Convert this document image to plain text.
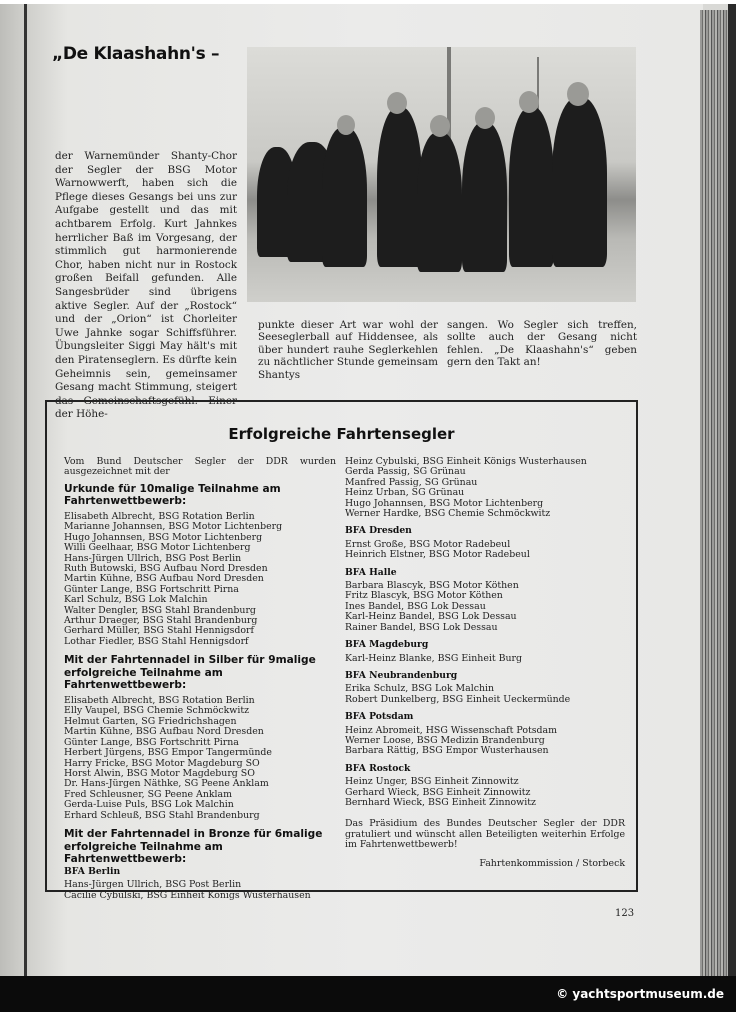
„De Klaashahn's –
der Warnemünder Shanty-Chor der Segler der BSG Motor Warnowwerft, haben sich die Pflege dieses Gesangs bei uns zur Aufgabe gestellt und das mit achtbarem Erfolg. Kurt Jahnkes herrlicher Baß im Vorgesang, der stimmlich gut harmonierende Chor, haben nicht nur in Rostock großen Beifall gefunden. Alle Sangesbrüder sind übrigens aktive Segler. Auf der „Rostock“ und der „Orion“ ist Chorleiter Uwe Jahnke sogar Schiffsführer. Übungsleiter Siggi May hält's mit den Piratenseglern. Es dürfte kein Geheimnis sein, gemeinsamer Gesang macht Stimmung, steigert das Gemeinschaftsgefühl. Einer der Höhe-
punkte dieser Art war wohl der Seeseglerball auf Hiddensee, als über hundert rauhe Seglerkehlen zu nächtlicher Stunde gemeinsam Shantys
sangen. Wo Segler sich treffen, sollte auch der Gesang nicht fehlen. „De Klaashahn's“ geben gern den Takt an!
Erfolgreiche Fahrtensegler

Vom Bund Deutscher Segler der DDR wurden ausgezeichnet mit der

Urkunde für 10malige Teilnahme am Fahrtenwettbewerb:
Elisabeth Albrecht, BSG Rotation Berlin
Marianne Johannsen, BSG Motor Lichtenberg
Hugo Johannsen, BSG Motor Lichtenberg
Willi Geelhaar, BSG Motor Lichtenberg
Hans-Jürgen Ullrich, BSG Post Berlin
Ruth Butowski, BSG Aufbau Nord Dresden
Martin Kühne, BSG Aufbau Nord Dresden
Günter Lange, BSG Fortschritt Pirna
Karl Schulz, BSG Lok Malchin
Walter Dengler, BSG Stahl Brandenburg
Arthur Draeger, BSG Stahl Brandenburg
Gerhard Müller, BSG Stahl Hennigsdorf
Lothar Fiedler, BSG Stahl Hennigsdorf
Mit der Fahrtennadel in Silber für 9malige erfolgreiche Teilnahme am Fahrtenwettbewerb:
Elisabeth Albrecht, BSG Rotation Berlin
Elly Vaupel, BSG Chemie Schmöckwitz
Helmut Garten, SG Friedrichshagen
Martin Kühne, BSG Aufbau Nord Dresden
Günter Lange, BSG Fortschritt Pirna
Herbert Jürgens, BSG Empor Tangermünde
Harry Fricke, BSG Motor Magdeburg SO
Horst Alwin, BSG Motor Magdeburg SO
Dr. Hans-Jürgen Näthke, SG Peene Anklam
Fred Schleusner, SG Peene Anklam
Gerda-Luise Puls, BSG Lok Malchin
Erhard Schleuß, BSG Stahl Brandenburg
Mit der Fahrtennadel in Bronze für 6malige erfolgreiche Teilnahme am Fahrtenwettbewerb:
BFA Berlin
Hans-Jürgen Ullrich, BSG Post Berlin
Cäcilie Cybulski, BSG Einheit Königs Wusterhausen
Heinz Cybulski, BSG Einheit Königs Wusterhausen
Gerda Passig, SG Grünau
Manfred Passig, SG Grünau
Heinz Urban, SG Grünau
Hugo Johannsen, BSG Motor Lichtenberg
Werner Hardke, BSG Chemie Schmöckwitz
BFA Dresden
Ernst Große, BSG Motor Radebeul
Heinrich Elstner, BSG Motor Radebeul
BFA Halle
Barbara Blascyk, BSG Motor Köthen
Fritz Blascyk, BSG Motor Köthen
Ines Bandel, BSG Lok Dessau
Karl-Heinz Bandel, BSG Lok Dessau
Rainer Bandel, BSG Lok Dessau
BFA Magdeburg
Karl-Heinz Blanke, BSG Einheit Burg
BFA Neubrandenburg
Erika Schulz, BSG Lok Malchin
Robert Dunkelberg, BSG Einheit Ueckermünde
BFA Potsdam
Heinz Abromeit, HSG Wissenschaft Potsdam
Werner Loose, BSG Medizin Brandenburg
Barbara Rättig, BSG Empor Wusterhausen
BFA Rostock
Heinz Unger, BSG Einheit Zinnowitz
Gerhard Wieck, BSG Einheit Zinnowitz
Bernhard Wieck, BSG Einheit Zinnowitz
Das Präsidium des Bundes Deutscher Segler der DDR gratuliert und wünscht allen Beteiligten weiterhin Erfolge im Fahrtenwettbewerb!
Fahrtenkommission / Storbeck
123
© yachtsportmuseum.de
